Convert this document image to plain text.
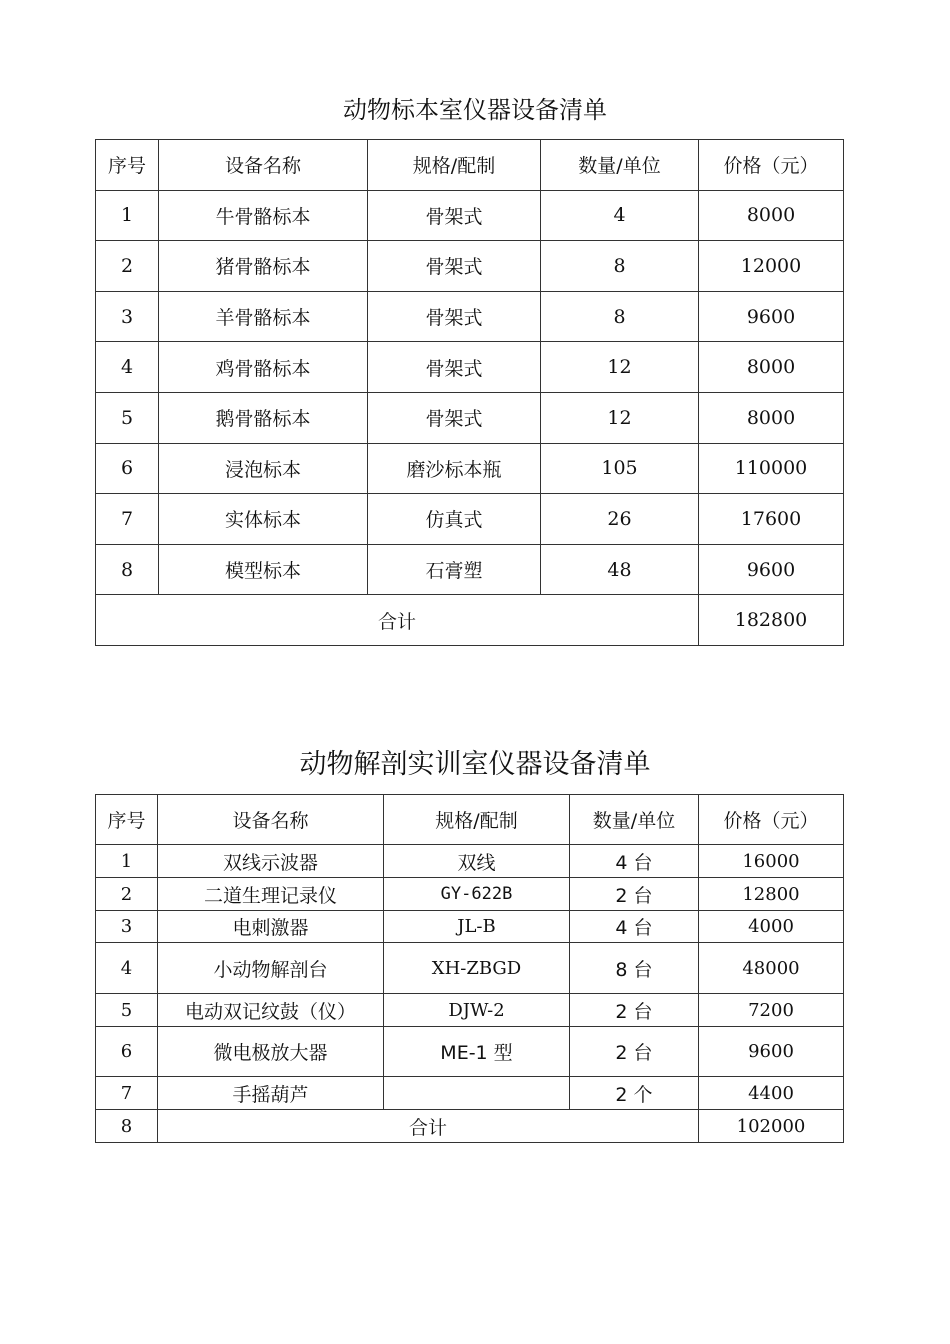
动物标本室仪器设备清单
序号	设备名称	规格/配制	数量/单位	价格（元）
1	牛骨骼标本	骨架式	4	8000
2	猪骨骼标本	骨架式	8	12000
3	羊骨骼标本	骨架式	8	9600
4	鸡骨骼标本	骨架式	12	8000
5	鹅骨骼标本	骨架式	12	8000
6	浸泡标本	磨沙标本瓶	105	110000
7	实体标本	仿真式	26	17600
8	模型标本	石膏塑	48	9600
合计				182800
动物解剖实训室仪器设备清单
序号	设备名称	规格/配制	数量/单位	价格（元）
1	双线示波器	双线	4 台	16000
2	二道生理记录仪	GY-622B	2 台	12800
3	电刺激器	JL-B	4 台	4000
4	小动物解剖台	XH-ZBGD	8 台	48000
5	电动双记纹鼓（仪）	DJW-2	2 台	7200
6	微电极放大器	ME-1 型	2 台	9600
7	手摇葫芦		2 个	4400
8	合计			102000
